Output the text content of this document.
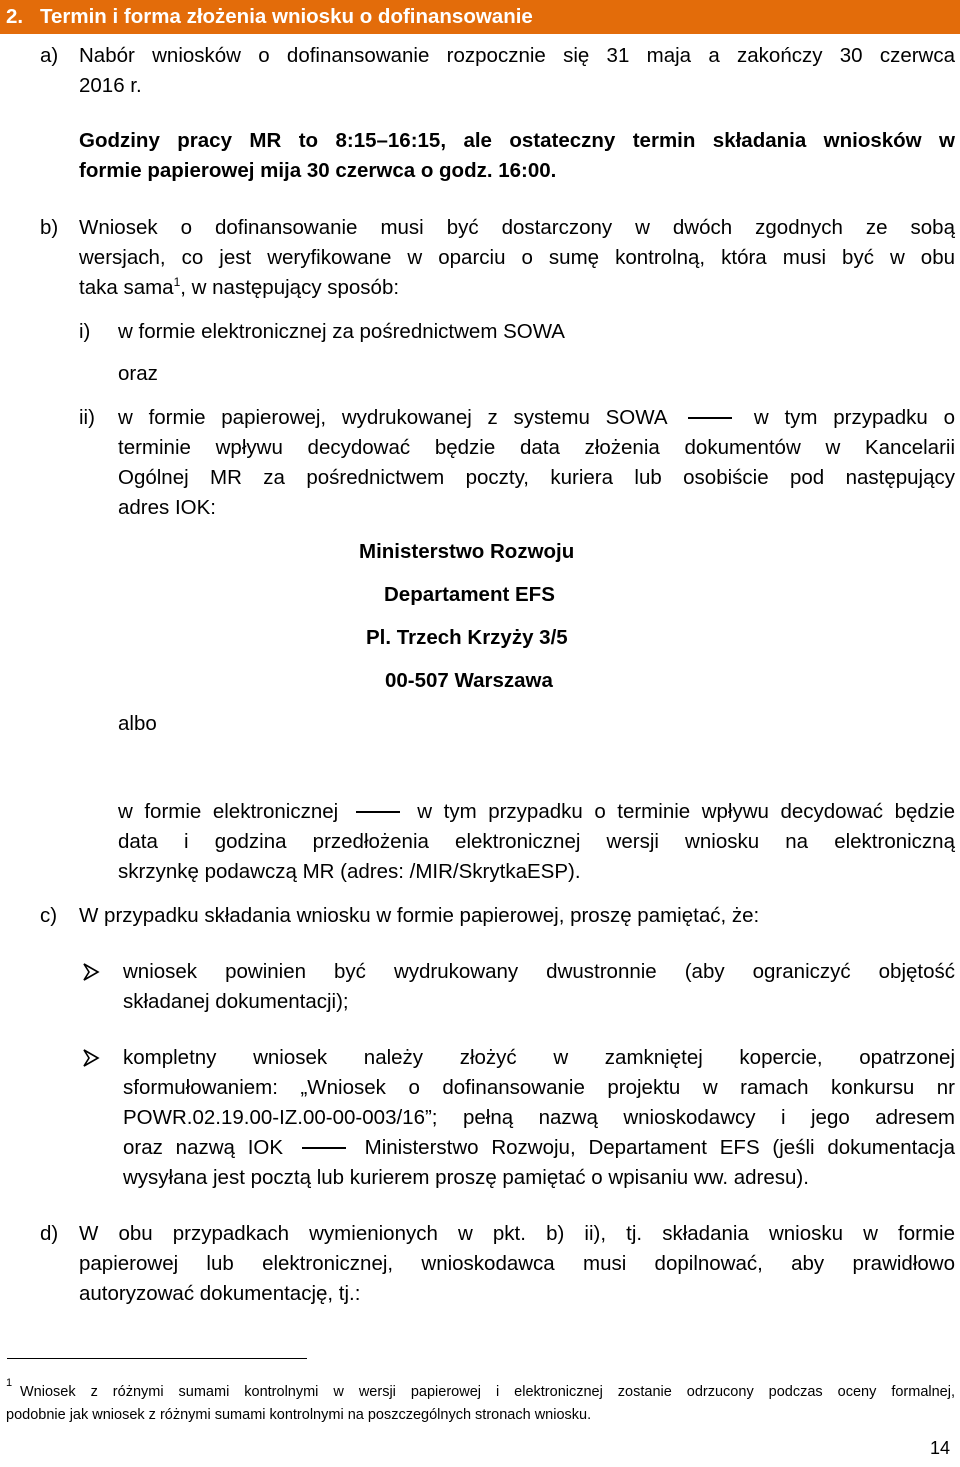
2. Termin i forma złożenia wniosku o dofinansowanie
a) Nabór wniosków o dofinansowanie rozpocznie się 31 maja a zakończy 30 czerwca
2016 r.
Godziny pracy MR to 8:15–16:15, ale ostateczny termin składania wniosków w
formie papierowej mija 30 czerwca o godz. 16:00.
b) Wniosek o dofinansowanie musi być dostarczony w dwóch zgodnych ze sobą
wersjach, co jest weryfikowane w oparciu o sumę kontrolną, która musi być w obu
taka sama$^1$, w następujący sposób:
i) w formie elektronicznej za pośrednictwem SOWA
oraz
ii) w formie papierowej, wydrukowanej z systemu SOWA	w tym przypadku o
terminie wpływu decydować będzie data złożenia dokumentów w Kancelarii
Ogólnej MR za pośrednictwem poczty, kuriera lub osobiście pod następujący
adres IOK:
Ministerstwo Rozwoju
Departament EFS
Pl. Trzech Krzyży 3/5
00-507 Warszawa
albo
w formie elektronicznej	w tym przypadku o terminie wpływu decydować będzie
data i godzina przedłożenia elektronicznej wersji wniosku na elektroniczną
skrzynkę podawczą MR (adres: /MIR/SkrytkaESP).
c) W przypadku składania wniosku w formie papierowej, proszę pamiętać, że:
wniosek powinien być wydrukowany dwustronnie (aby ograniczyć objętość
składanej dokumentacji);
kompletny wniosek należy złożyć w zamkniętej kopercie, opatrzonej
sformułowaniem: „Wniosek o dofinansowanie projektu w ramach konkursu nr
POWR.02.19.00-IZ.00-00-003/16”; pełną nazwą wnioskodawcy i jego adresem
oraz nazwą IOK	Ministerstwo Rozwoju, Departament EFS (jeśli dokumentacja
wysyłana jest pocztą lub kurierem proszę pamiętać o wpisaniu ww. adresu).
d) W obu przypadkach wymienionych w pkt. b) ii), tj. składania wniosku w formie
papierowej lub elektronicznej, wnioskodawca musi dopilnować, aby prawidłowo
autoryzować dokumentację, tj.:
1
Wniosek z różnymi sumami kontrolnymi w wersji papierowej i elektronicznej zostanie odrzucony podczas oceny formalnej,
podobnie jak wniosek z różnymi sumami kontrolnymi na poszczególnych stronach wniosku.
14
